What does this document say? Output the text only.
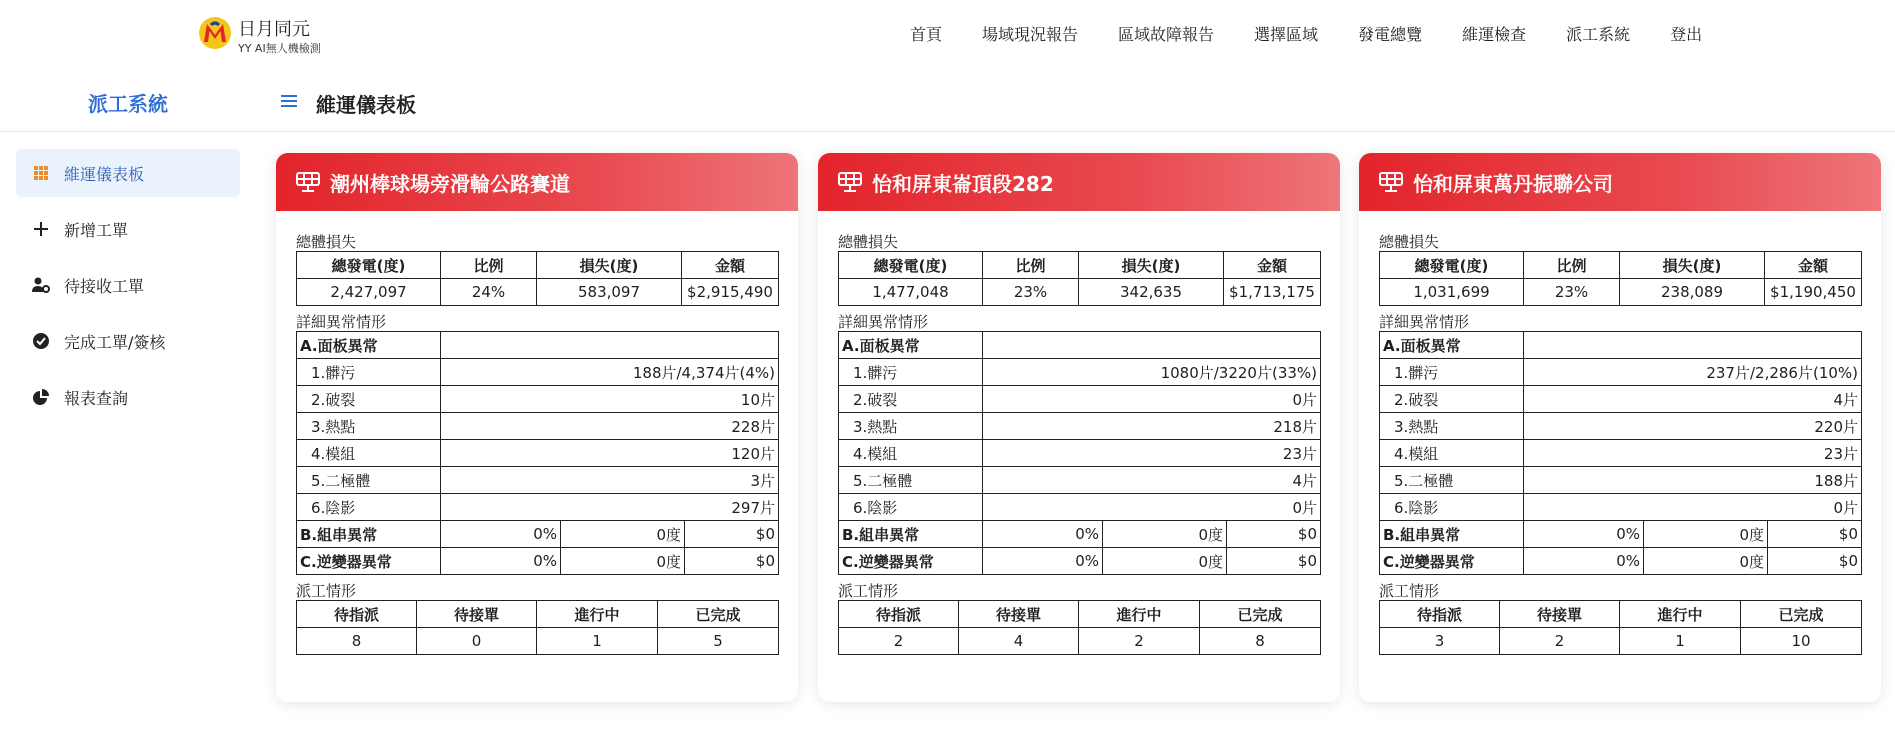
日月同元
YY AI無人機檢測
首頁	場域現況報告	區域故障報告	選擇區域	發電總覽	維運檢查	派工系統	登出
派工系統	維運儀表板
維運儀表板
新增工單
待接收工單
完成工單/簽核
報表查詢
潮州棒球場旁滑輪公路賽道
總體損失
總發電(度)	比例	損失(度)	金額
2,427,097	24%	583,097	$2,915,490
詳細異常情形
A.面板異常			
1.髒污	188片/4,374片(4%)		
2.破裂	10片		
3.熱點	228片		
4.模組	120片		
5.二極體	3片		
6.陰影	297片		
B.組串異常	0%	0度	$0
C.逆變器異常	0%	0度	$0
派工情形
待指派	待接單	進行中	已完成
8	0	1	5
怡和屏東崙頂段282
總體損失
總發電(度)	比例	損失(度)	金額
1,477,048	23%	342,635	$1,713,175
詳細異常情形
A.面板異常			
1.髒污	1080片/3220片(33%)		
2.破裂	0片		
3.熱點	218片		
4.模組	23片		
5.二極體	4片		
6.陰影	0片		
B.組串異常	0%	0度	$0
C.逆變器異常	0%	0度	$0
派工情形
待指派	待接單	進行中	已完成
2	4	2	8
怡和屏東萬丹振聯公司
總體損失
總發電(度)	比例	損失(度)	金額
1,031,699	23%	238,089	$1,190,450
詳細異常情形
A.面板異常			
1.髒污	237片/2,286片(10%)		
2.破裂	4片		
3.熱點	220片		
4.模組	23片		
5.二極體	188片		
6.陰影	0片		
B.組串異常	0%	0度	$0
C.逆變器異常	0%	0度	$0
派工情形
待指派	待接單	進行中	已完成
3	2	1	10
